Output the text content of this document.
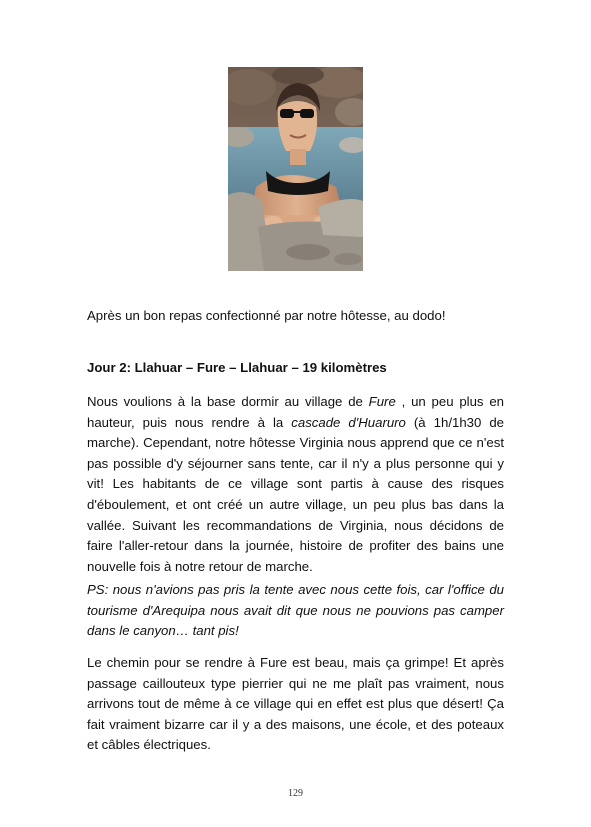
Après un bon repas confectionné par notre hôtesse, au dodo!

Jour 2: Llahuar – Fure – Llahuar – 19 kilomètres

Nous voulions à la base dormir au village de Fure , un peu plus en hauteur, puis nous rendre à la cascade d'Huaruro (à 1h/1h30 de marche). Cependant, notre hôtesse Virginia nous apprend que ce n'est pas possible d'y séjourner sans tente, car il n'y a plus personne qui y vit! Les habitants de ce village sont partis à cause des risques d'éboulement, et ont créé un autre village, un peu plus bas dans la vallée. Suivant les recommandations de Virginia, nous décidons de faire l'aller-retour dans la journée, histoire de profiter des bains une nouvelle fois à notre retour de marche.

PS: nous n'avions pas pris la tente avec nous cette fois, car l'office du tourisme d'Arequipa nous avait dit que nous ne pouvions pas camper dans le canyon… tant pis!

Le chemin pour se rendre à Fure est beau, mais ça grimpe! Et après passage caillouteux type pierrier qui ne me plaît pas vraiment, nous arrivons tout de même à ce village qui en effet est plus que désert! Ça fait vraiment bizarre car il y a des maisons, une école, et des poteaux et câbles électriques.

129
